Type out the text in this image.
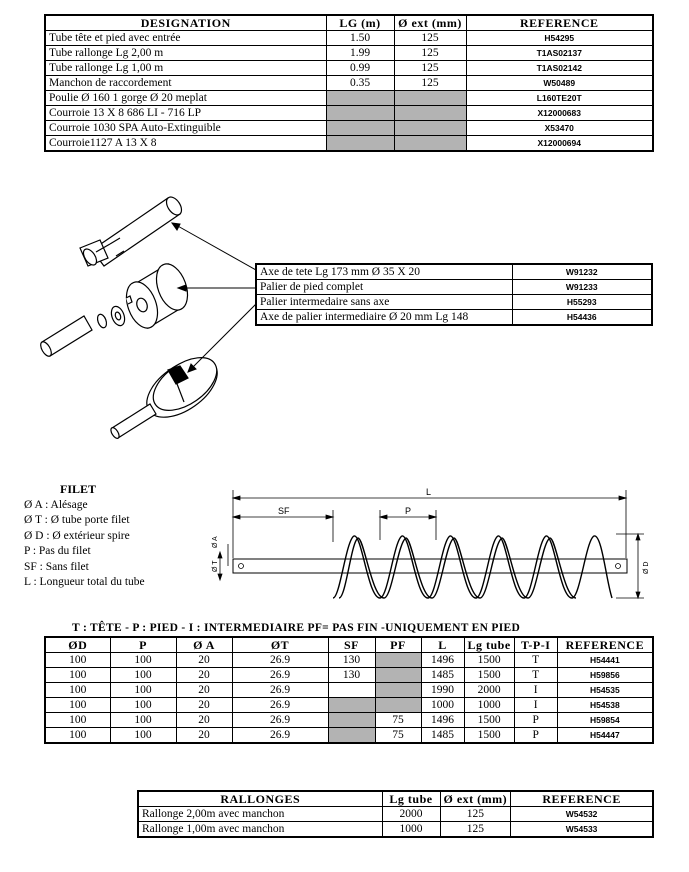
DESIGNATION	LG (m)	Ø ext (mm)	REFERENCE
Tube tête et pied avec entrée	1.50	125	H54295
Tube rallonge Lg 2,00 m	1.99	125	T1AS02137
Tube rallonge Lg 1,00 m	0.99	125	T1AS02142
Manchon de raccordement	0.35	125	W50489
Poulie Ø 160 1 gorge Ø 20 meplat			L160TE20T
Courroie 13 X 8 686 LI - 716 LP			X12000683
Courroie 1030 SPA Auto-Extinguible			X53470
Courroie1127 A 13 X 8			X12000694
Axe de tete Lg 173 mm Ø 35 X 20	W91232
Palier de pied complet	W91233
Palier intermedaire sans axe	H55293
Axe de palier intermediaire Ø 20 mm Lg 148	H54436
FILET
Ø A : Alésage
Ø T : Ø tube porte filet
Ø D : Ø extérieur spire
P : Pas du filet
SF : Sans filet
L : Longueur total du tube
L
SF	P
Ø A
Ø T	Ø D
T : TÊTE - P : PIED - I : INTERMEDIAIRE PF= PAS FIN -UNIQUEMENT EN PIED
ØD	P	Ø A	ØT	SF	PF	L	Lg tube	T-P-I	REFERENCE
100	100	20	26.9	130		1496	1500	T	H54441
100	100	20	26.9	130		1485	1500	T	H59856
100	100	20	26.9			1990	2000	I	H54535
100	100	20	26.9			1000	1000	I	H54538
100	100	20	26.9		75	1496	1500	P	H59854
100	100	20	26.9		75	1485	1500	P	H54447
RALLONGES	Lg tube	Ø ext (mm)	REFERENCE
Rallonge 2,00m avec manchon	2000	125	W54532
Rallonge 1,00m avec manchon	1000	125	W54533
